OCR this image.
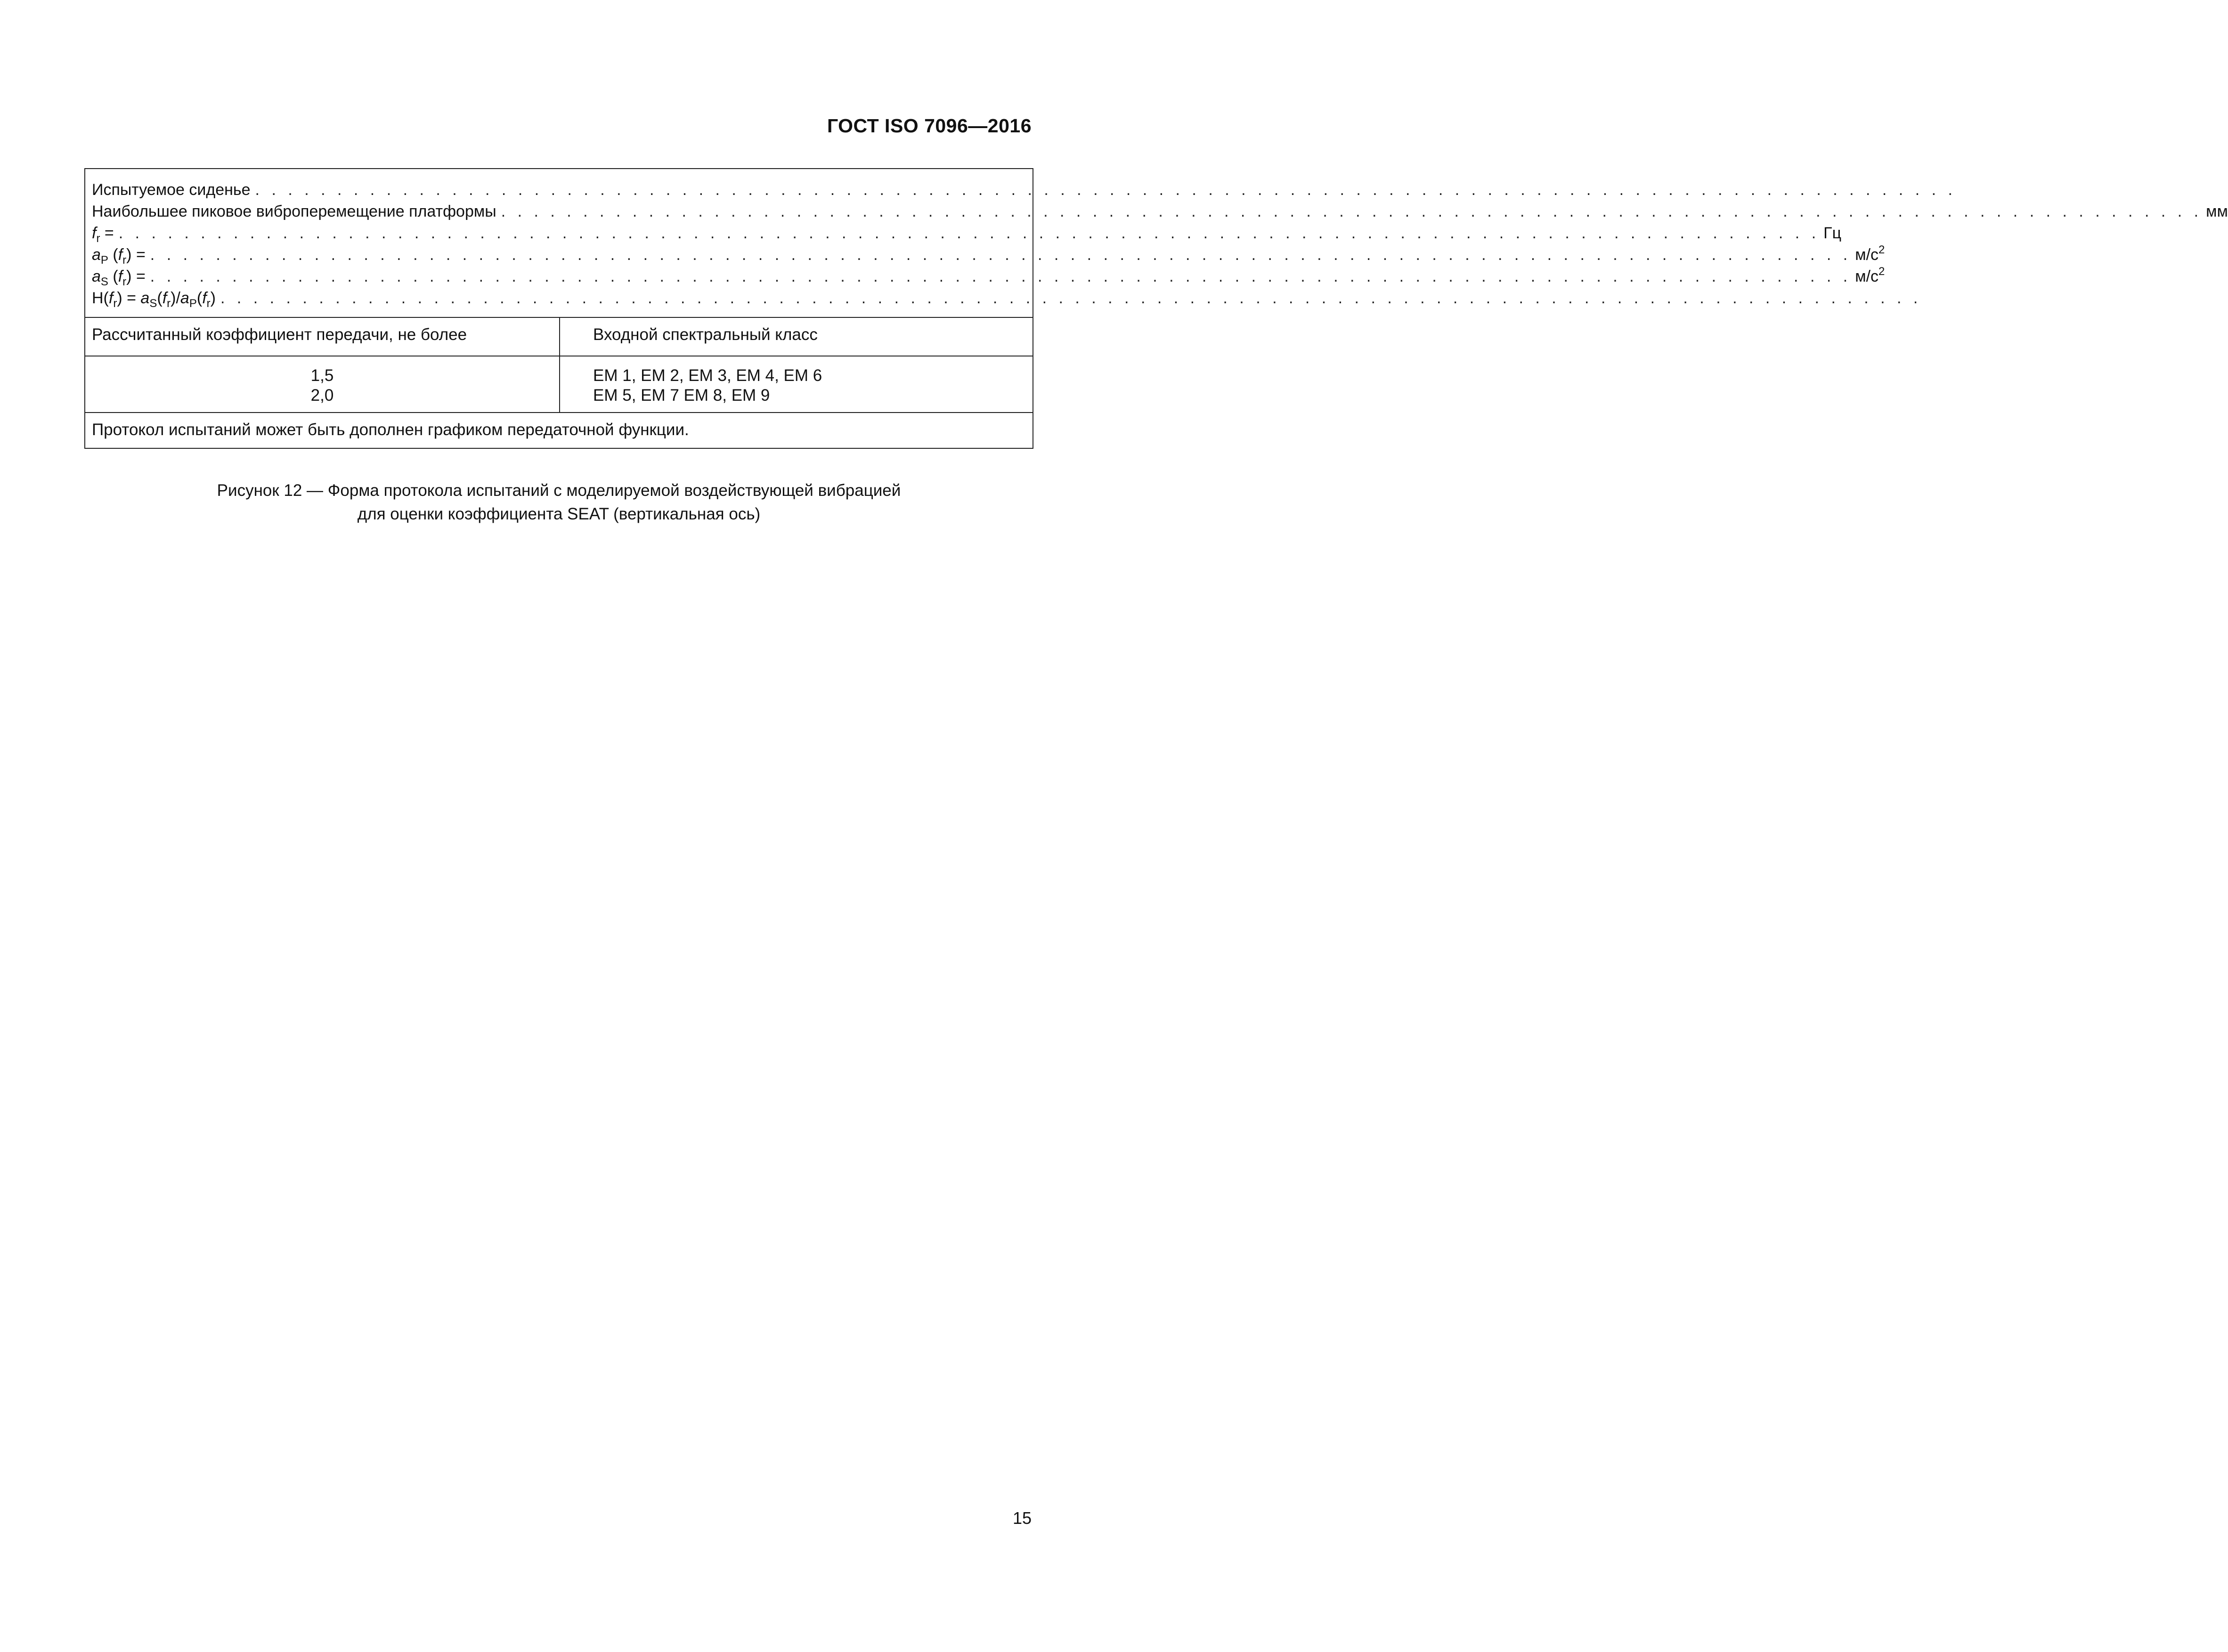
ГОСТ ISO 7096—2016
Испытуемое сиденье . . . . . . . . . . . . . . . . . . . . . . . . . . . . . . . . . . . . . . . . . . . . . . . . . . . . . . . . . . . . . . . . . . . . . . . . . . . . . . . . . . . . . . . . . . . . . . . . . . . . . . . .
Наибольшее пиковое виброперемещение платформы . . . . . . . . . . . . . . . . . . . . . . . . . . . . . . . . . . . . . . . . . . . . . . . . . . . . . . . . . . . . . . . . . . . . . . . . . . . . . . . . . . . . . . . . . . . . . . . . . . . . . . . . мм
$f_r$ = . . . . . . . . . . . . . . . . . . . . . . . . . . . . . . . . . . . . . . . . . . . . . . . . . . . . . . . . . . . . . . . . . . . . . . . . . . . . . . . . . . . . . . . . . . . . . . . . . . . . . . . . Гц
$a_P$ $(f_r)$ = . . . . . . . . . . . . . . . . . . . . . . . . . . . . . . . . . . . . . . . . . . . . . . . . . . . . . . . . . . . . . . . . . . . . . . . . . . . . . . . . . . . . . . . . . . . . . . . . . . . . . . . . $м/с^2$
$a_S$ $(f_r)$ = . . . . . . . . . . . . . . . . . . . . . . . . . . . . . . . . . . . . . . . . . . . . . . . . . . . . . . . . . . . . . . . . . . . . . . . . . . . . . . . . . . . . . . . . . . . . . . . . . . . . . . . . $м/с^2$
$H(f_r) = a_S(f_r)/a_P(f_r)$ . . . . . . . . . . . . . . . . . . . . . . . . . . . . . . . . . . . . . . . . . . . . . . . . . . . . . . . . . . . . . . . . . . . . . . . . . . . . . . . . . . . . . . . . . . . . . . . . . . . . . . . .
Рассчитанный коэффициент передачи, не более	Входной спектральный класс
1,5
2,0
ЕМ 1, ЕМ 2, ЕМ 3, ЕМ 4, ЕМ 6
ЕМ 5, ЕМ 7 ЕМ 8, ЕМ 9
Протокол испытаний может быть дополнен графиком передаточной функции.
Рисунок 12 — Форма протокола испытаний с моделируемой воздействующей вибрацией
для оценки коэффициента SEAT (вертикальная ось)
15
